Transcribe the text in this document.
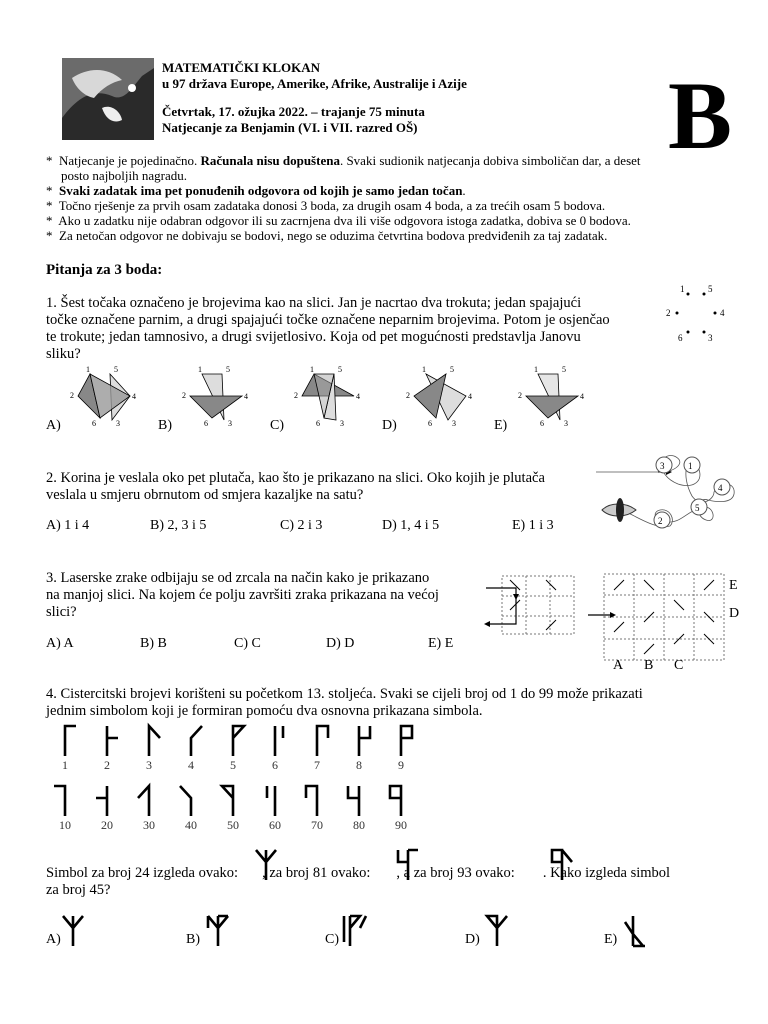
MATEMATIČKI KLOKAN
u 97 država Europe, Amerike, Afrike, Australije i Azije
Četvrtak, 17. ožujka 2022. – trajanje 75 minuta
Natjecanje za Benjamin (VI. i VII. razred OŠ)	B
* Natjecanje je pojedinačno. Računala nisu dopuštena. Svaki sudionik natjecanja dobiva simboličan dar, a deset
posto najboljih nagradu.
* Svaki zadatak ima pet ponuđenih odgovora od kojih je samo jedan točan.
* Točno rješenje za prvih osam zadataka donosi 3 boda, za drugih osam 4 boda, a za trećih osam 5 bodova.
* Ako u zadatku nije odabran odgovor ili su zacrnjena dva ili više odgovora istoga zadatka, dobiva se 0 bodova.
* Za netočan odgovor ne dobivaju se bodovi, nego se oduzima četvrtina bodova predviđenih za taj zadatak.
Pitanja za 3 boda:
1. Šest točaka označeno je brojevima kao na slici. Jan je nacrtao dva trokuta; jedan spajajući
točke označene parnim, a drugi spajajući točke označene neparnim brojevima. Potom je osjenčao
te trokute; jedan tamnosivo, a drugi svijetlosivo. Koja od pet mogućnosti predstavlja Janovu
sliku?
1	5
2	4
6	3
1	5
2	4
6	3
1	5
2	4
6	3
1	5
2	4
6	3
1	5
2	4
6	3
1	5
2	4
6	3
A)	B)	C)	D)	E)
2. Korina je veslala oko pet plutača, kao što je prikazano na slici. Oko kojih je plutača
veslala u smjeru obrnutom od smjera kazaljke na satu?
A) 1 i 4	B) 2, 3 i 5	C) 2 i 3	D) 1, 4 i 5	E) 1 i 3
3	1
4
5
2
3. Laserske zrake odbijaju se od zrcala na način kako je prikazano
na manjoj slici. Na kojem će polju završiti zraka prikazana na većoj
slici?
A) A	B) B	C) C	D) D	E) E
E
D
A B C
4. Cistercitski brojevi korišteni su početkom 13. stoljeća. Svaki se cijeli broj od 1 do 99 može prikazati
jednim simbolom koji je formiran pomoću dva osnovna prikazana simbola.
1	2	3	4	5	6	7	8	9
10	20	30	40	50	60	70	80	90
Simbol za broj 24 izgleda ovako: , za broj 81 ovako: , a za broj 93 ovako: . Kako izgleda simbol
za broj 45?
A)	B)	C)	D)	E)
